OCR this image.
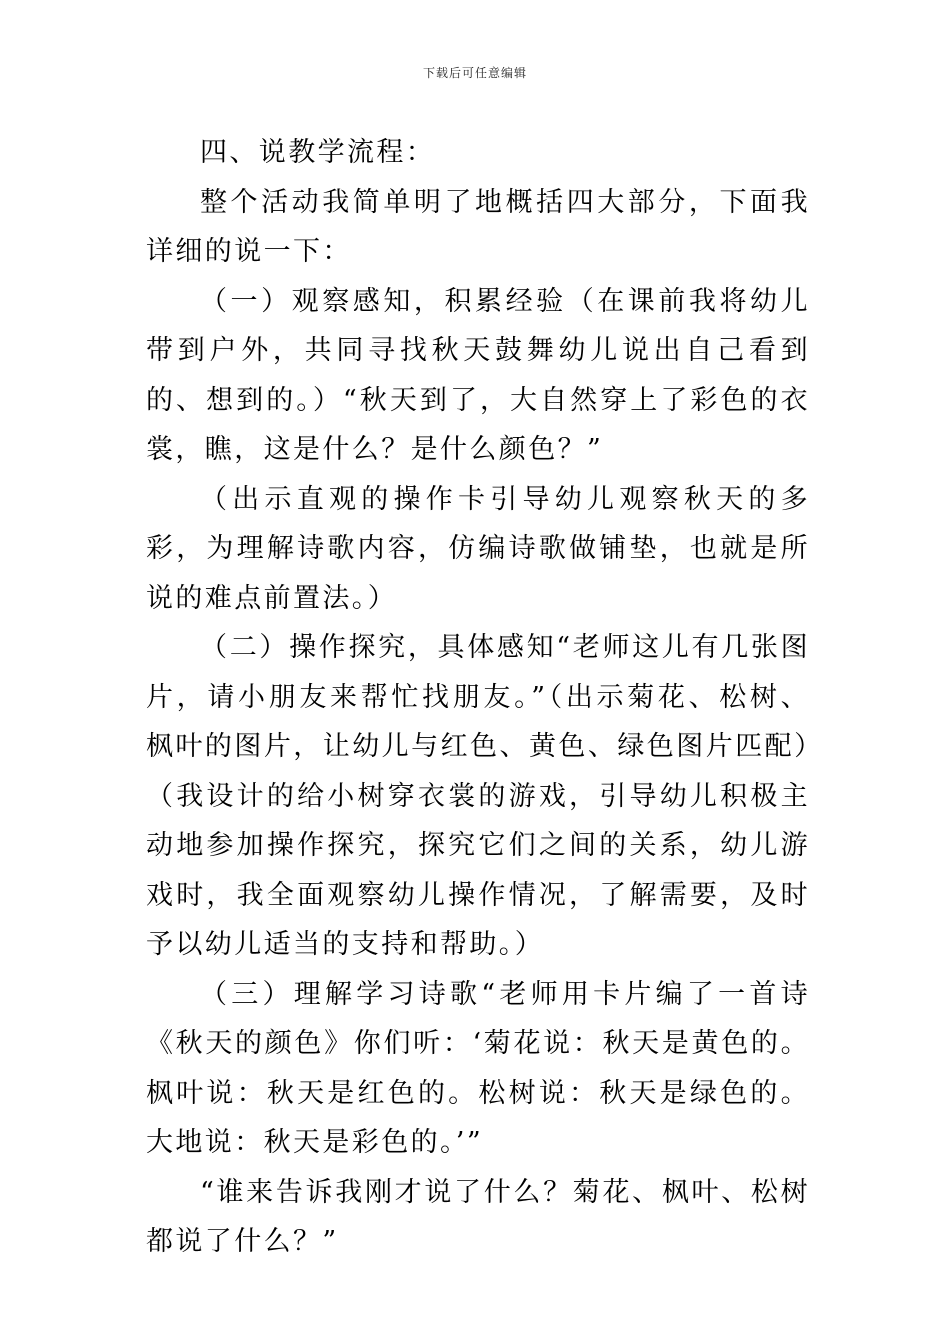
下载后可任意编辑

四、说教学流程：

整个活动我简单明了地概括四大部分，下面我详细的说一下：

（一）观察感知，积累经验（在课前我将幼儿带到户外，共同寻找秋天鼓舞幼儿说出自己看到的、想到的。）“秋天到了，大自然穿上了彩色的衣裳，瞧，这是什么？是什么颜色？”

（出示直观的操作卡引导幼儿观察秋天的多彩，为理解诗歌内容，仿编诗歌做铺垫，也就是所说的难点前置法。）

（二）操作探究，具体感知“老师这儿有几张图片，请小朋友来帮忙找朋友。”（出示菊花、松树、枫叶的图片，让幼儿与红色、黄色、绿色图片匹配）（我设计的给小树穿衣裳的游戏，引导幼儿积极主动地参加操作探究，探究它们之间的关系，幼儿游戏时，我全面观察幼儿操作情况，了解需要，及时予以幼儿适当的支持和帮助。）

（三）理解学习诗歌“老师用卡片编了一首诗《秋天的颜色》你们听：‘菊花说：秋天是黄色的。枫叶说：秋天是红色的。松树说：秋天是绿色的。大地说：秋天是彩色的。’”

“谁来告诉我刚才说了什么？菊花、枫叶、松树都说了什么？”
